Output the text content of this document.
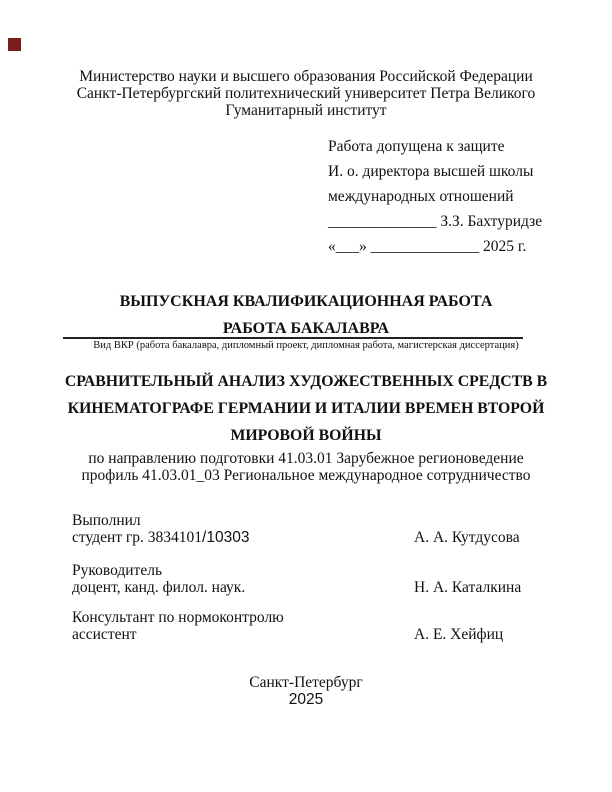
Министерство науки и высшего образования Российской Федерации
Санкт-Петербургский политехнический университет Петра Великого
Гуманитарный институт
Работа допущена к защите
И. о. директора высшей школы
международных отношений
______________ З.З. Бахтуридзе
«___» ______________ 2025 г.
ВЫПУСКНАЯ КВАЛИФИКАЦИОННАЯ РАБОТА
РАБОТА БАКАЛАВРА
Вид ВКР (работа бакалавра, дипломный проект, дипломная работа, магистерская диссертация)
СРАВНИТЕЛЬНЫЙ АНАЛИЗ ХУДОЖЕСТВЕННЫХ СРЕДСТВ В
КИНЕМАТОГРАФЕ ГЕРМАНИИ И ИТАЛИИ ВРЕМЕН ВТОРОЙ
МИРОВОЙ ВОЙНЫ
по направлению подготовки 41.03.01 Зарубежное регионоведение
профиль 41.03.01_03 Региональное международное сотрудничество
Выполнил
студент гр. 3834101/10303
Руководитель
доцент, канд. филол. наук.
Консультант по нормоконтролю
ассистент
А. А. Кутдусова
Н. А. Каталкина
А. Е. Хейфиц
Санкт-Петербург
2025
